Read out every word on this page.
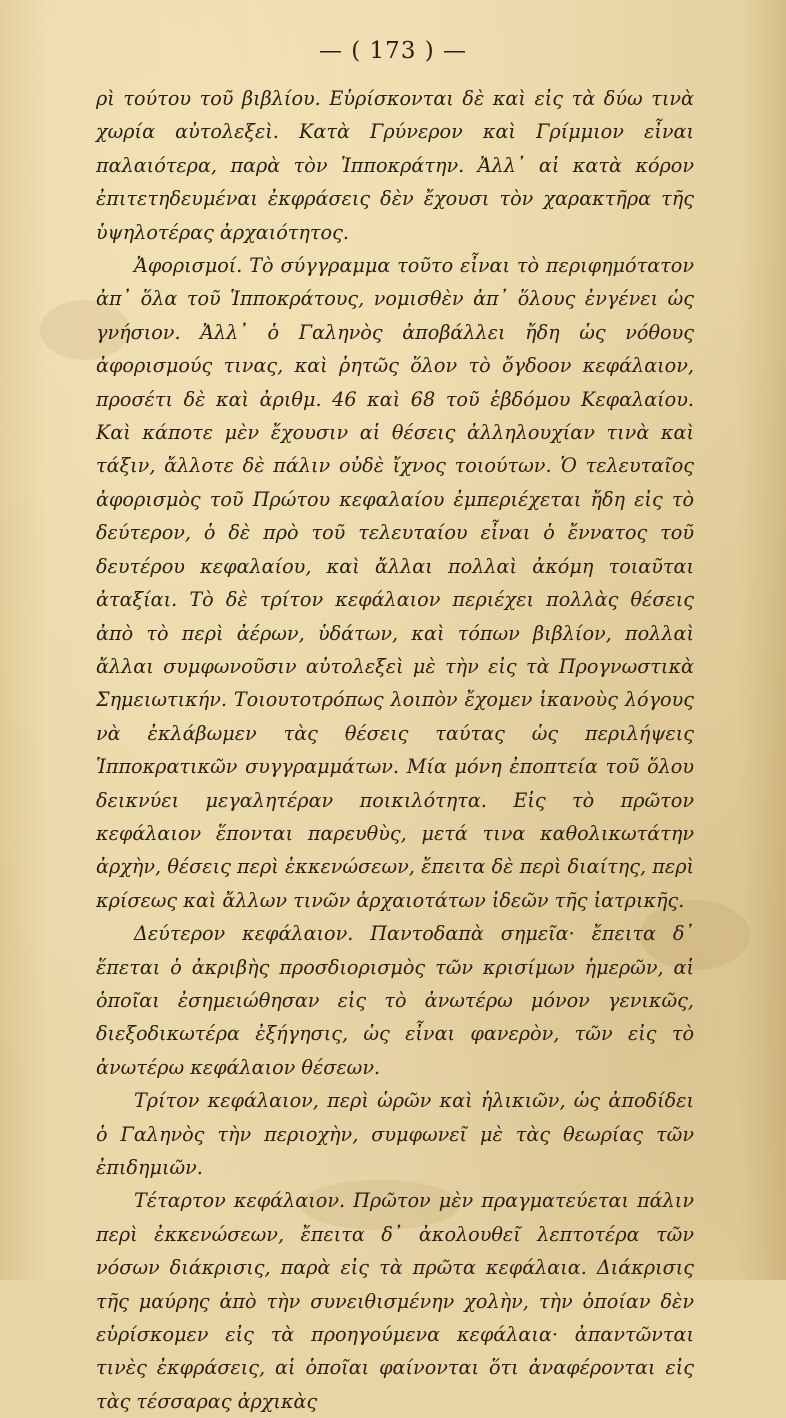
— ( 173 ) —

ρὶ τούτου τοῦ βιβλίου. Εὑρίσκονται δὲ καὶ εἰς τὰ δύω τινὰ χωρία αὐτολεξεὶ. Κατὰ Γρύνερον καὶ Γρίμμιον εἶναι παλαιότερα, παρὰ τὸν Ἱπποκράτην. Ἀλλ᾽ αἱ κατὰ κόρον ἐπιτετηδευμέναι ἐκφράσεις δὲν ἔχουσι τὸν χαρακτῆρα τῆς ὑψηλοτέρας ἀρχαιότητος.

Ἀφορισμοί. Τὸ σύγγραμμα τοῦτο εἶναι τὸ περιφημότατον ἀπ᾽ ὅλα τοῦ Ἱπποκράτους, νομισθὲν ἀπ᾽ ὅλους ἐνγένει ὡς γνήσιον. Ἀλλ᾽ ὁ Γαληνὸς ἀποβάλλει ἤδη ὡς νόθους ἀφορισμούς τινας, καὶ ῥητῶς ὅλον τὸ ὄγδοον κεφάλαιον, προσέτι δὲ καὶ ἀριθμ. 46 καὶ 68 τοῦ ἑβδόμου Κεφαλαίου. Καὶ κάποτε μὲν ἔχουσιν αἱ θέσεις ἀλληλουχίαν τινὰ καὶ τάξιν, ἄλλοτε δὲ πάλιν οὐδὲ ἴχνος τοιούτων. Ὁ τελευταῖος ἀφορισμὸς τοῦ Πρώτου κεφαλαίου ἐμπεριέχεται ἤδη εἰς τὸ δεύτερον, ὁ δὲ πρὸ τοῦ τελευταίου εἶναι ὁ ἔννατος τοῦ δευτέρου κεφαλαίου, καὶ ἄλλαι πολλαὶ ἀκόμη τοιαῦται ἀταξίαι. Τὸ δὲ τρίτον κεφάλαιον περιέχει πολλὰς θέσεις ἀπὸ τὸ περὶ ἀέρων, ὑδάτων, καὶ τόπων βιβλίον, πολλαὶ ἄλλαι συμφωνοῦσιν αὐτολεξεὶ μὲ τὴν εἰς τὰ Προγνωστικὰ Σημειωτικήν. Τοιουτοτρόπως λοιπὸν ἔχομεν ἱκανοὺς λόγους νὰ ἐκλάβωμεν τὰς θέσεις ταύτας ὡς περιλήψεις Ἱπποκρατικῶν συγγραμμάτων. Μία μόνη ἐποπτεία τοῦ ὅλου δεικνύει μεγαλητέραν ποικιλότητα. Εἰς τὸ πρῶτον κεφάλαιον ἕπονται παρευθὺς, μετά τινα καθολικωτάτην ἀρχὴν, θέσεις περὶ ἐκκενώσεων, ἔπειτα δὲ περὶ διαίτης, περὶ κρίσεως καὶ ἄλλων τινῶν ἀρχαιοτάτων ἰδεῶν τῆς ἰατρικῆς.

Δεύτερον κεφάλαιον. Παντοδαπὰ σημεῖα· ἔπειτα δ᾽ ἕπεται ὁ ἀκριβὴς προσδιορισμὸς τῶν κρισίμων ἡμερῶν, αἱ ὁποῖαι ἐσημειώθησαν εἰς τὸ ἀνωτέρω μόνον γενικῶς, διεξοδικωτέρα ἐξήγησις, ὡς εἶναι φανερὸν, τῶν εἰς τὸ ἀνωτέρω κεφάλαιον θέσεων.

Τρίτον κεφάλαιον, περὶ ὡρῶν καὶ ἡλικιῶν, ὡς ἀποδίδει ὁ Γαληνὸς τὴν περιοχὴν, συμφωνεῖ μὲ τὰς θεωρίας τῶν ἐπιδημιῶν.

Τέταρτον κεφάλαιον. Πρῶτον μὲν πραγματεύεται πάλιν περὶ ἐκκενώσεων, ἔπειτα δ᾽ ἀκολουθεῖ λεπτοτέρα τῶν νόσων διάκρισις, παρὰ εἰς τὰ πρῶτα κεφάλαια. Διάκρισις τῆς μαύρης ἀπὸ τὴν συνειθισμένην χολὴν, τὴν ὁποίαν δὲν εὑρίσκομεν εἰς τὰ προηγούμενα κεφάλαια· ἀπαντῶνται τινὲς ἐκφράσεις, αἱ ὁποῖαι φαίνονται ὅτι ἀναφέρονται εἰς τὰς τέσσαρας ἀρχικὰς
